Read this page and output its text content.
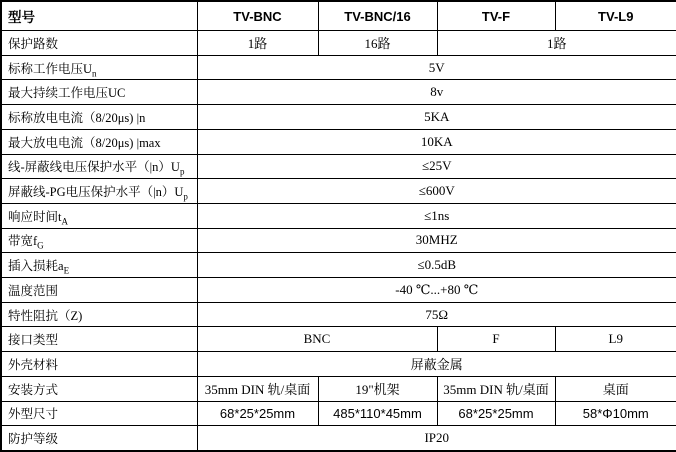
型号	TV-BNC	TV-BNC/16	TV-F	TV-L9
保护路数	1路	16路	1路	
标称工作电压$U_n$	5V			
最大持续工作电压UC	8v			
标称放电电流（8/20μs) |n	5KA			
最大放电电流（8/20μs) |max	10KA			
线-屏蔽线电压保护水平$(|n)U_p$	≤25V			
屏蔽线-PG电压保护水平$(|n)U_p$	≤600V			
响应时间$t_A$	≤1ns			
带宽$f_G$	30MHZ			
插入损耗$a_E$	≤0.5dB			
温度范围	-40 ℃...+80 ℃			
特性阻抗（Z)	75Ω			
接口类型	BNC		F	L9
外壳材料	屏蔽金属			
安装方式	35mm DIN 轨/桌面	19"机架	35mm DIN 轨/桌面	桌面
外型尺寸	68*25*25mm	485*110*45mm	68*25*25mm	58*Φ10mm
防护等级	IP20			
